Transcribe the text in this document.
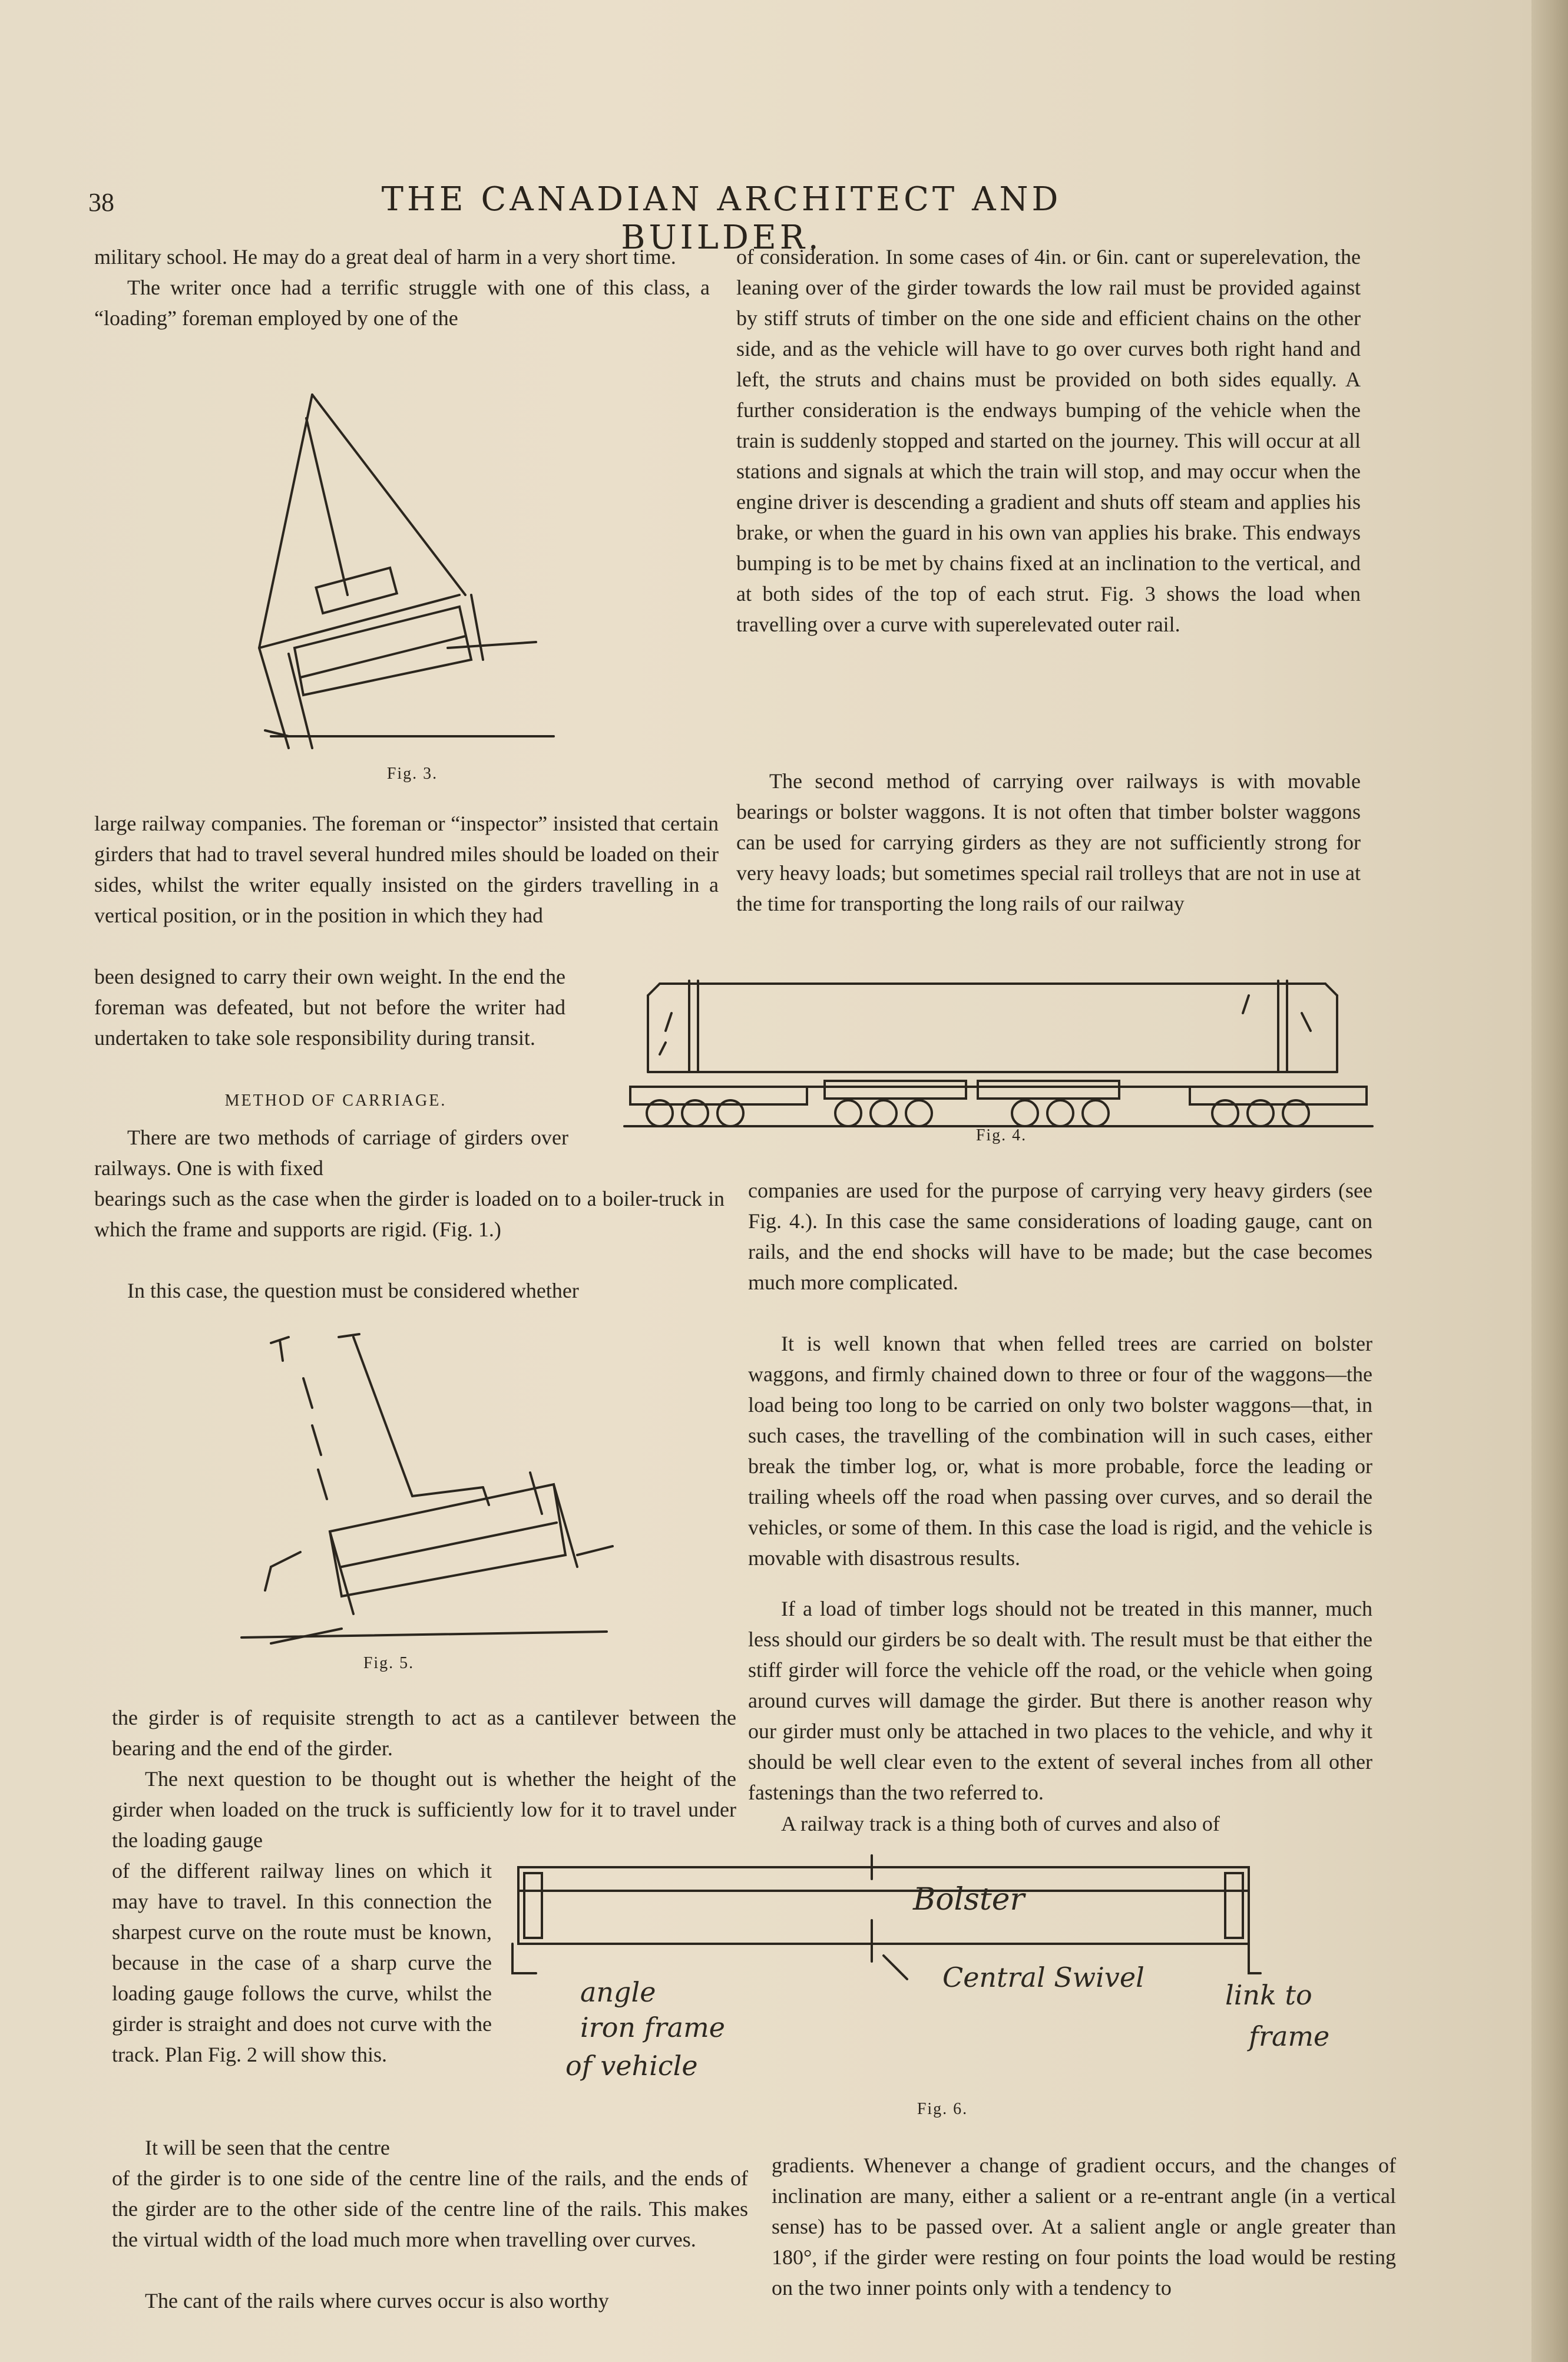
38	THE CANADIAN ARCHITECT AND BUILDER.

military school. He may do a great deal of harm in a very short time.

The writer once had a terrific struggle with one of this class, a “loading” foreman employed by one of the

Fig. 3.
large railway companies. The foreman or “inspector” insisted that certain girders that had to travel several hundred miles should be loaded on their sides, whilst the writer equally insisted on the girders travelling in a vertical position, or in the position in which they had
been designed to carry their own weight. In the end the foreman was defeated, but not before the writer had undertaken to take sole responsibility during transit.
METHOD OF CARRIAGE.
There are two methods of carriage of girders over railways. One is with fixed
bearings such as the case when the girder is loaded on to a boiler-truck in which the frame and supports are rigid. (Fig. 1.)
In this case, the question must be considered whether
Fig. 5.
the girder is of requisite strength to act as a cantilever between the bearing and the end of the girder.
The next question to be thought out is whether the height of the girder when loaded on the truck is sufficiently low for it to travel under the loading gauge
of the different railway lines on which it may have to travel. In this connection the sharpest curve on the route must be known, because in the case of a sharp curve the loading gauge follows the curve, whilst the girder is straight and does not curve with the track. Plan Fig. 2 will show this.
It will be seen that the centre
of the girder is to one side of the centre line of the rails, and the ends of the girder are to the other side of the centre line of the rails. This makes the virtual width of the load much more when travelling over curves.
The cant of the rails where curves occur is also worthy
of consideration. In some cases of 4in. or 6in. cant or superelevation, the leaning over of the girder towards the low rail must be provided against by stiff struts of timber on the one side and efficient chains on the other side, and as the vehicle will have to go over curves both right hand and left, the struts and chains must be provided on both sides equally. A further consideration is the endways bumping of the vehicle when the train is suddenly stopped and started on the journey. This will occur at all stations and signals at which the train will stop, and may occur when the engine driver is descending a gradient and shuts off steam and applies his brake, or when the guard in his own van applies his brake. This endways bumping is to be met by chains fixed at an inclination to the vertical, and at both sides of the top of each strut. Fig. 3 shows the load when travelling over a curve with superelevated outer rail.
The second method of carrying over railways is with movable bearings or bolster waggons. It is not often that timber bolster waggons can be used for carrying girders as they are not sufficiently strong for very heavy loads; but sometimes special rail trolleys that are not in use at the time for transporting the long rails of our railway
Fig. 4.
companies are used for the purpose of carrying very heavy girders (see Fig. 4.). In this case the same considerations of loading gauge, cant on rails, and the end shocks will have to be made; but the case becomes much more complicated.
It is well known that when felled trees are carried on bolster waggons, and firmly chained down to three or four of the waggons—the load being too long to be carried on only two bolster waggons—that, in such cases, the travelling of the combination will in such cases, either break the timber log, or, what is more probable, force the leading or trailing wheels off the road when passing over curves, and so derail the vehicles, or some of them. In this case the load is rigid, and the vehicle is movable with disastrous results.
If a load of timber logs should not be treated in this manner, much less should our girders be so dealt with. The result must be that either the stiff girder will force the vehicle off the road, or the vehicle when going around curves will damage the girder. But there is another reason why our girder must only be attached in two places to the vehicle, and why it should be well clear even to the extent of several inches from all other fastenings than the two referred to.
A railway track is a thing both of curves and also of
Bolster
Central Swivel
angle
iron frame
of vehicle
link to
frame
Fig. 6.
gradients. Whenever a change of gradient occurs, and the changes of inclination are many, either a salient or a re-entrant angle (in a vertical sense) has to be passed over. At a salient angle or angle greater than 180°, if the girder were resting on four points the load would be resting on the two inner points only with a tendency to
